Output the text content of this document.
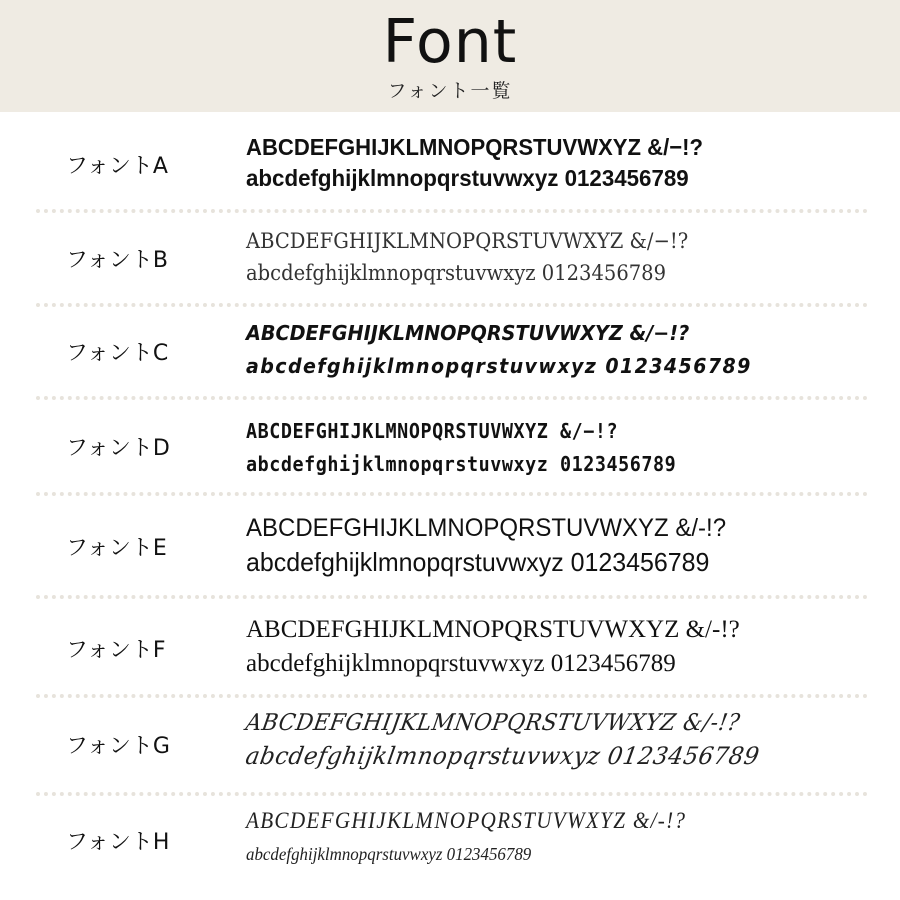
Font
フォント一覧
フォントA
ABCDEFGHIJKLMNOPQRSTUVWXYZ &/−!?
abcdefghijklmnopqrstuvwxyz 0123456789
フォントB
ABCDEFGHIJKLMNOPQRSTUVWXYZ &/−!?
abcdefghijklmnopqrstuvwxyz 0123456789
フォントC
ABCDEFGHIJKLMNOPQRSTUVWXYZ &/−!?
abcdefghijklmnopqrstuvwxyz 0123456789
フォントD
ABCDEFGHIJKLMNOPQRSTUVWXYZ &/−!?
abcdefghijklmnopqrstuvwxyz 0123456789
フォントE
ABCDEFGHIJKLMNOPQRSTUVWXYZ &/-!?
abcdefghijklmnopqrstuvwxyz 0123456789
フォントF
ABCDEFGHIJKLMNOPQRSTUVWXYZ &/-!?
abcdefghijklmnopqrstuvwxyz 0123456789
フォントG
ABCDEFGHIJKLMNOPQRSTUVWXYZ &/-!?
abcdefghijklmnopqrstuvwxyz 0123456789
フォントH
ABCDEFGHIJKLMNOPQRSTUVWXYZ &/-!?
abcdefghijklmnopqrstuvwxyz 0123456789
